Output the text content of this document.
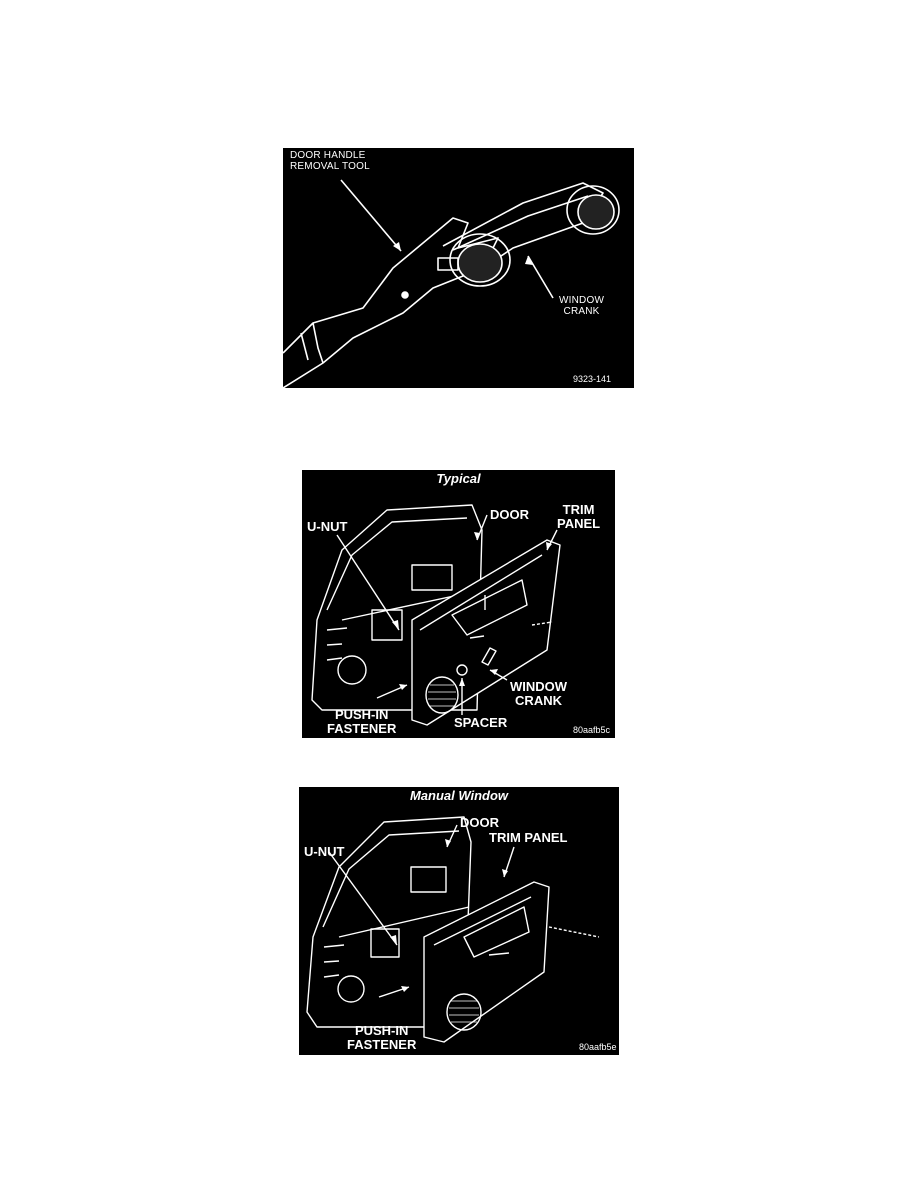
DOOR HANDLE
REMOVAL TOOL
WINDOW
CRANK
9323-141
Typical
DOOR	TRIM
PANEL
U-NUT
WINDOW
CRANK
PUSH-IN
FASTENER	SPACER	80aafb5c
Manual Window
DOOR
TRIM PANEL
U-NUT
PUSH-IN
FASTENER	80aafb5e
